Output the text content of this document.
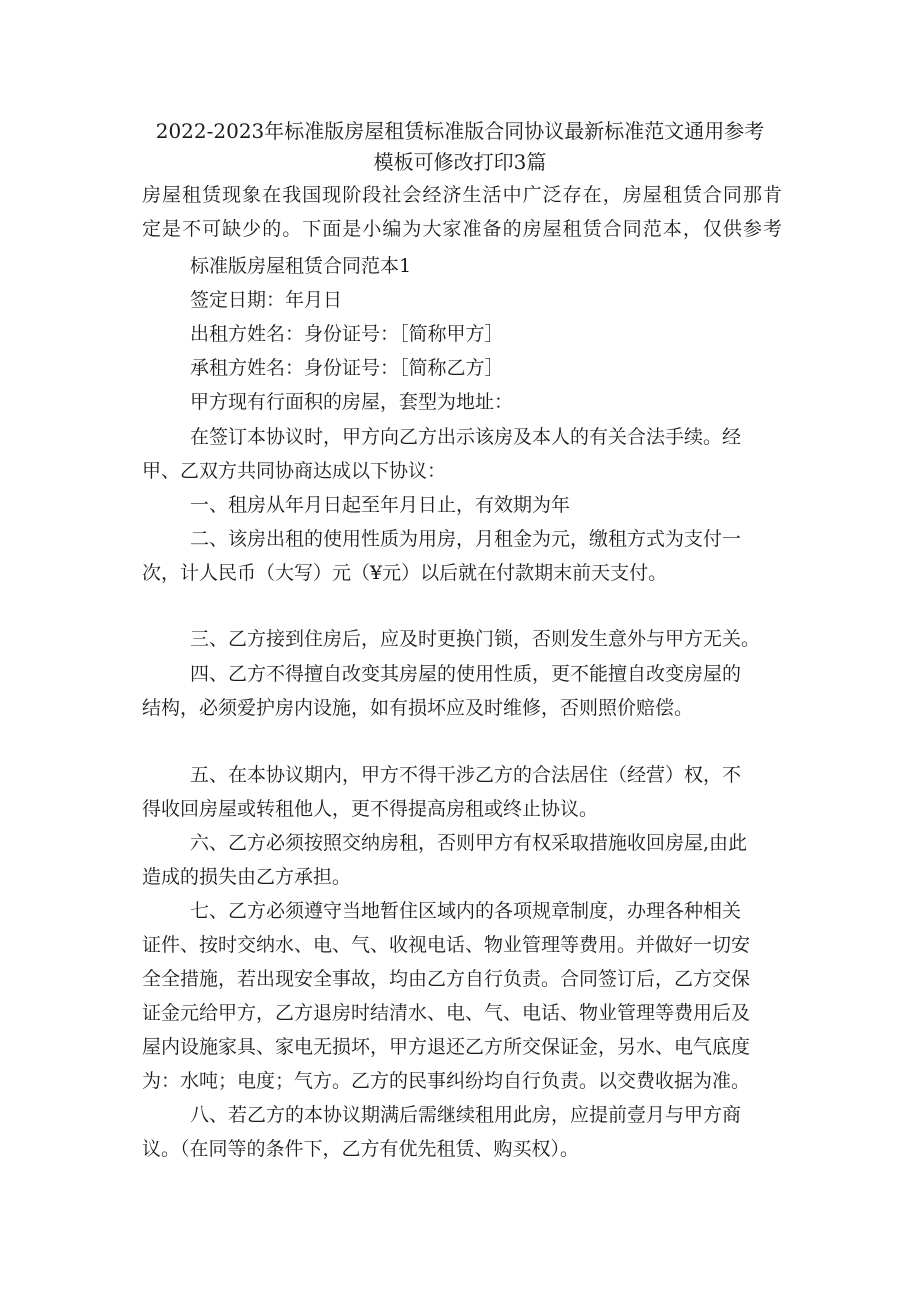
2022-2023年标准版房屋租赁标准版合同协议最新标准范文通用参考
模板可修改打印3篇
房屋租赁现象在我国现阶段社会经济生活中广泛存在，房屋租赁合同那肯
定是不可缺少的。下面是小编为大家准备的房屋租赁合同范本，仅供参考
标准版房屋租赁合同范本1
签定日期：年月日
出租方姓名：身份证号：［简称甲方］
承租方姓名：身份证号：［简称乙方］
甲方现有行面积的房屋，套型为地址：
在签订本协议时，甲方向乙方出示该房及本人的有关合法手续。经
甲、乙双方共同协商达成以下协议：
一、租房从年月日起至年月日止，有效期为年
二、该房出租的使用性质为用房，月租金为元，缴租方式为支付一
次，计人民币（大写）元（¥元）以后就在付款期末前天支付。
三、乙方接到住房后，应及时更换门锁，否则发生意外与甲方无关。
四、乙方不得擅自改变其房屋的使用性质，更不能擅自改变房屋的
结构，必须爱护房内设施，如有损坏应及时维修，否则照价赔偿。
五、在本协议期内，甲方不得干涉乙方的合法居住（经营）权，不
得收回房屋或转租他人，更不得提高房租或终止协议。
六、乙方必须按照交纳房租，否则甲方有权采取措施收回房屋,由此
造成的损失由乙方承担。
七、乙方必须遵守当地暂住区域内的各项规章制度，办理各种相关
证件、按时交纳水、电、气、收视电话、物业管理等费用。并做好一切安
全全措施，若出现安全事故，均由乙方自行负责。合同签订后，乙方交保
证金元给甲方，乙方退房时结清水、电、气、电话、物业管理等费用后及
屋内设施家具、家电无损坏，甲方退还乙方所交保证金，另水、电气底度
为：水吨；电度；气方。乙方的民事纠纷均自行负责。以交费收据为准。
八、若乙方的本协议期满后需继续租用此房，应提前壹月与甲方商
议。（在同等的条件下，乙方有优先租赁、购买权）。
